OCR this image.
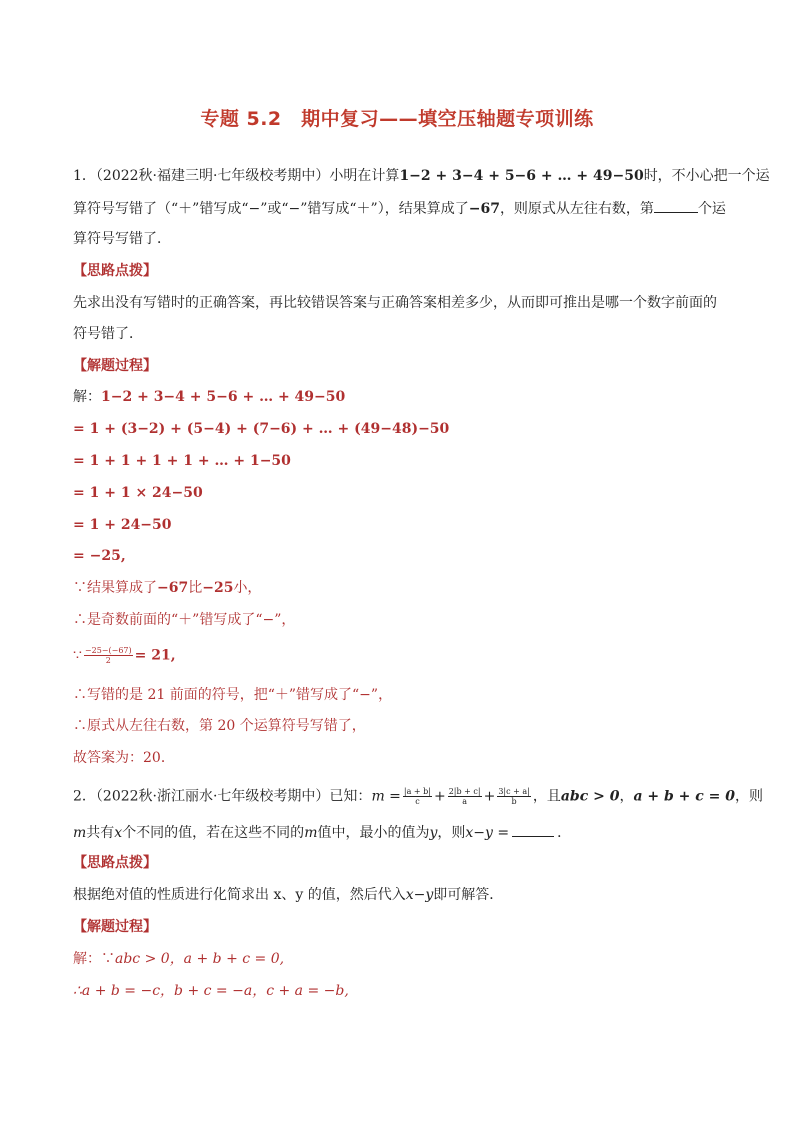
专题 5.2　期中复习——填空压轴题专项训练
1．（2022秋·福建三明·七年级校考期中）小明在计算1−2 + 3−4 + 5−6 + … + 49−50时，不小心把一个运
算符号写错了（“＋”错写成“−”或“−”错写成“＋”），结果算成了−67，则原式从左往右数，第	个运
算符号写错了．
【思路点拨】
先求出没有写错时的正确答案，再比较错误答案与正确答案相差多少，从而即可推出是哪一个数字前面的
符号错了．
【解题过程】
解：1−2 + 3−4 + 5−6 + … + 49−50
= 1 + (3−2) + (5−4) + (7−6) + … + (49−48)−50
= 1 + 1 + 1 + 1 + … + 1−50
= 1 + 1 × 24−50
= 1 + 24−50
= −25,
∵结果算成了−67比−25小，
∴是奇数前面的“＋”错写成了“−”，
∵ $\frac{-25-(-67)}{2} = 21$,
∴写错的是 21 前面的符号，把“＋”错写成了“−”，
∴原式从左往右数，第 20 个运算符号写错了，
故答案为：20．
2．（2022秋·浙江丽水·七年级校考期中）已知：$m = \frac{|a + b|}{c} + \frac{2|b + c|}{a} + \frac{3|c + a|}{b}$ ，且abc > 0，a + b + c = 0，则
m共有x个不同的值，若在这些不同的m值中，最小的值为y，则x−y =	．
【思路点拨】
根据绝对值的性质进行化简求出 x、y 的值，然后代入x−y即可解答．
【解题过程】
解：∵abc > 0，a + b + c = 0,
∴a + b = −c，b + c = −a，c + a = −b,
